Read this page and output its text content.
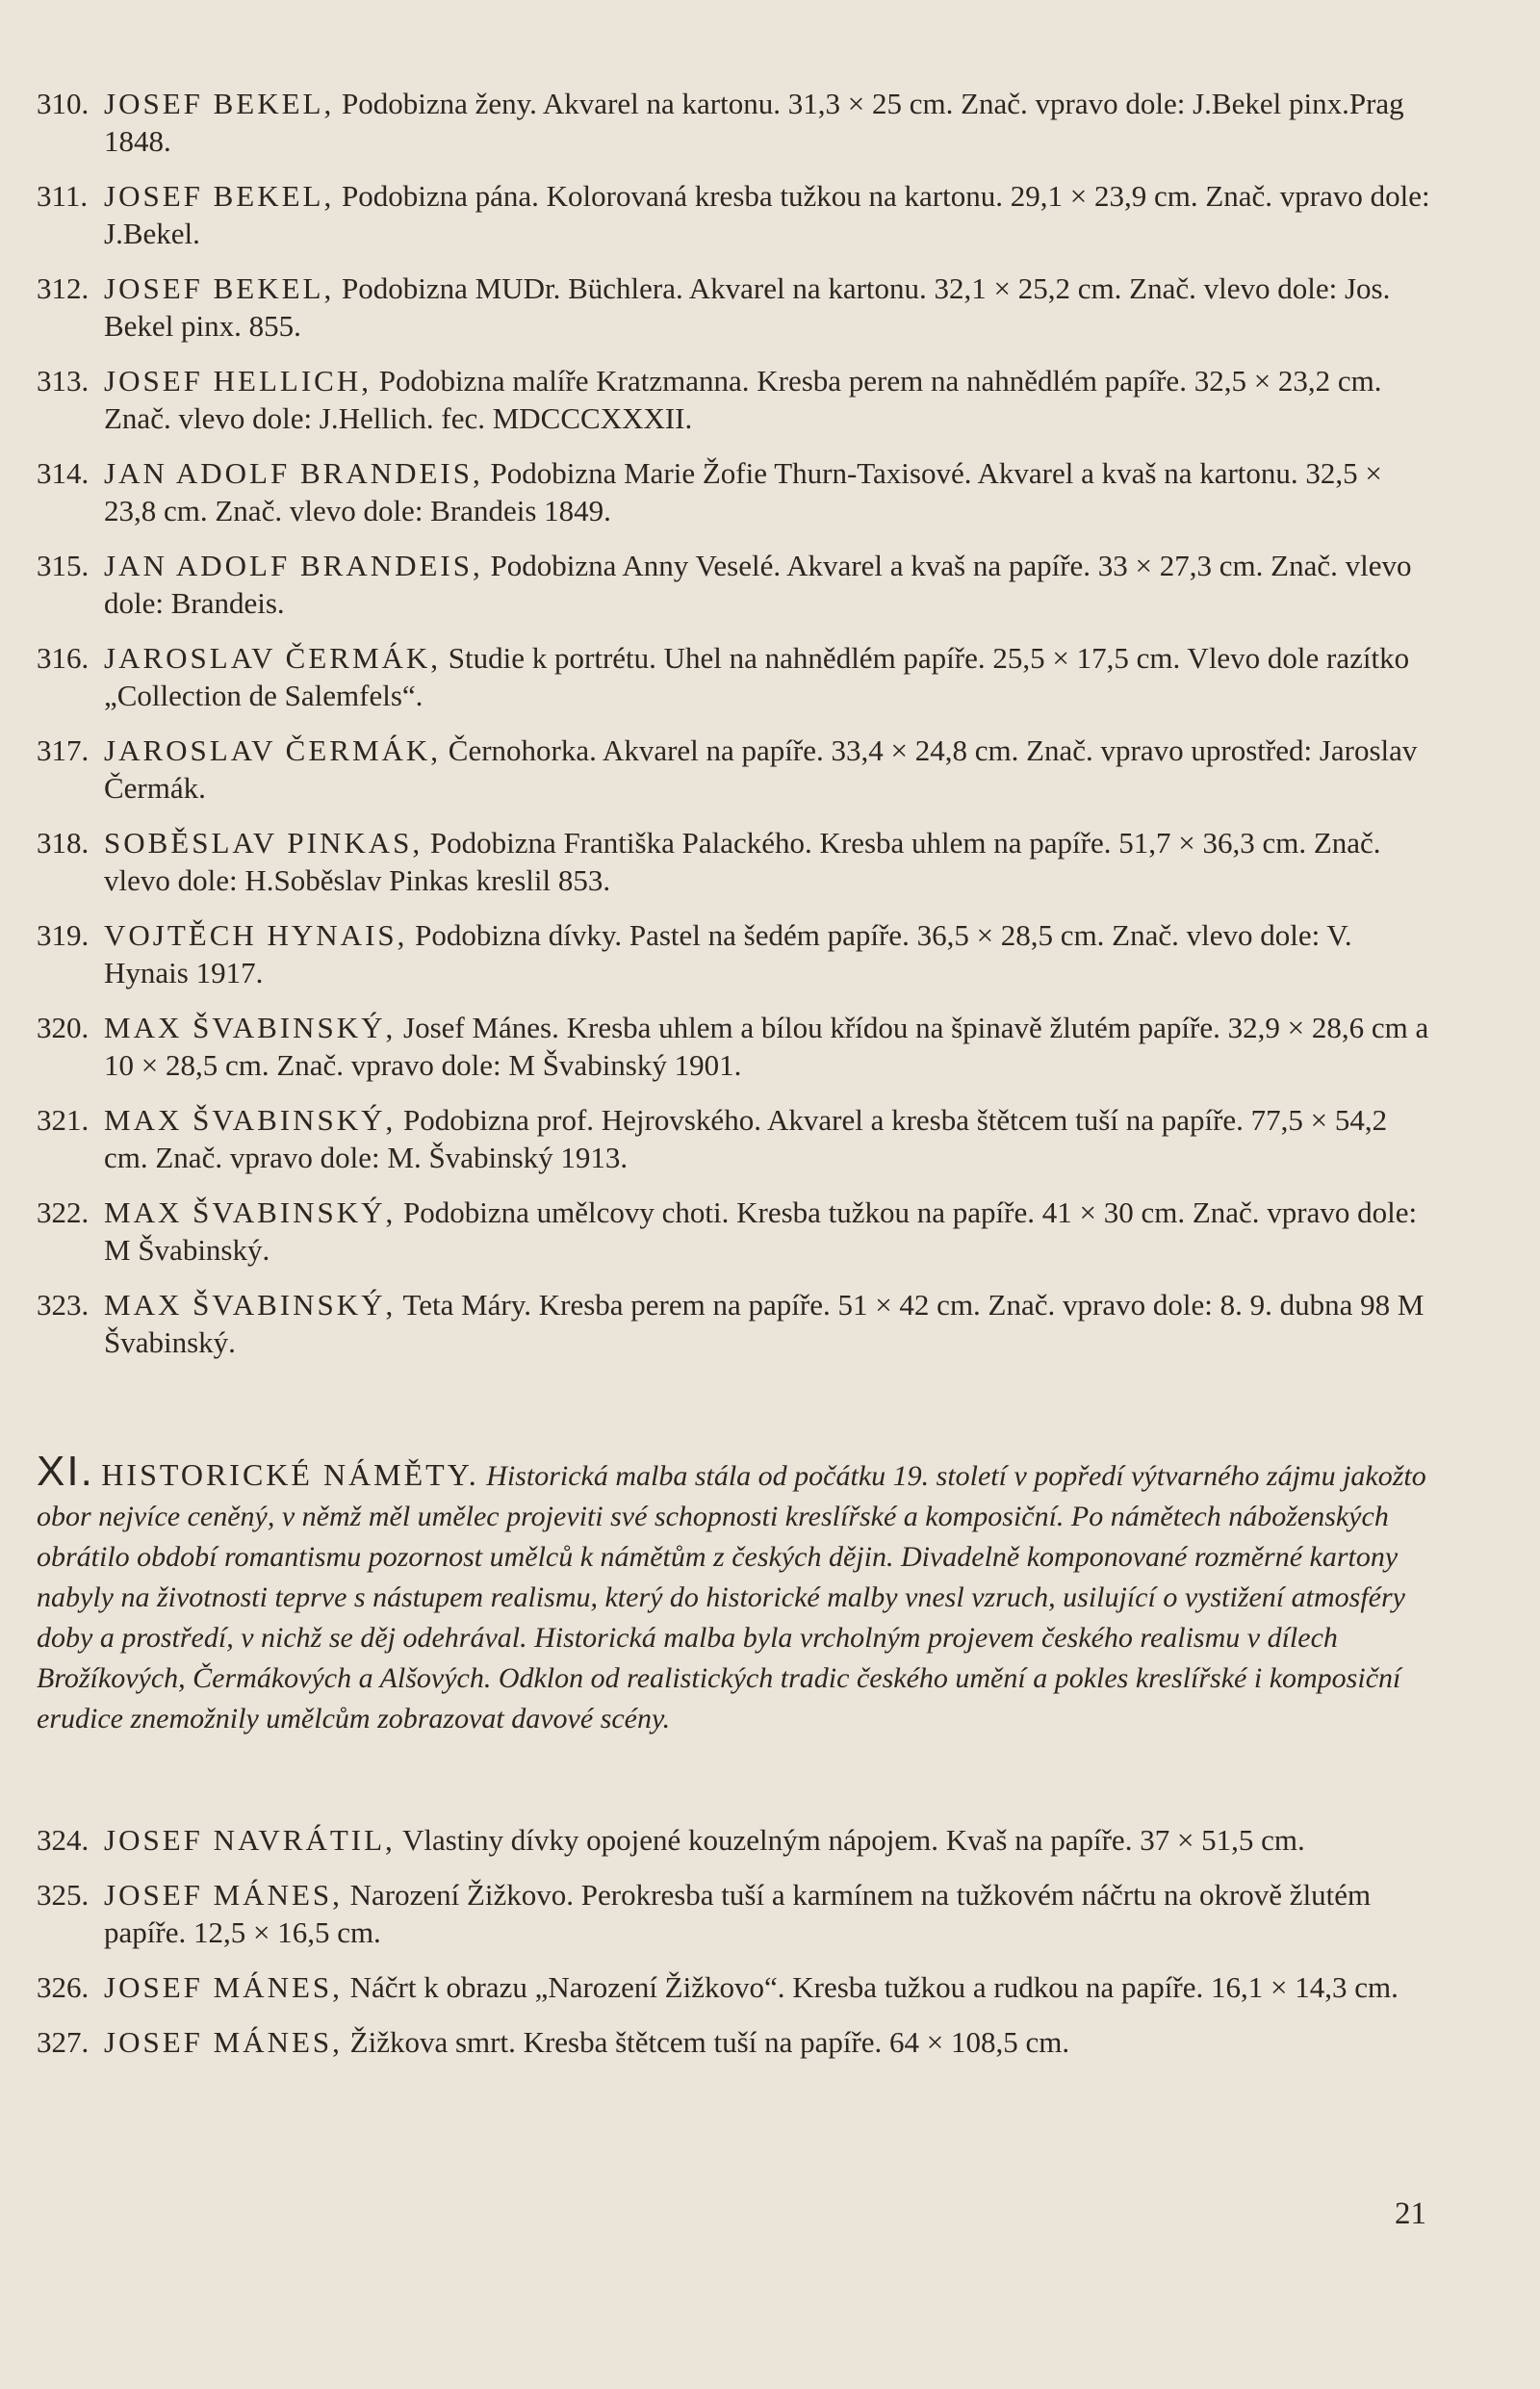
310. JOSEF BEKEL, Podobizna ženy. Akvarel na kartonu. 31,3 × 25 cm. Znač. vpravo dole: J.Bekel pinx.Prag 1848.
311. JOSEF BEKEL, Podobizna pána. Kolorovaná kresba tužkou na kartonu. 29,1 × 23,9 cm. Znač. vpravo dole: J.Bekel.
312. JOSEF BEKEL, Podobizna MUDr. Büchlera. Akvarel na kartonu. 32,1 × 25,2 cm. Znač. vlevo dole: Jos. Bekel pinx. 855.
313. JOSEF HELLICH, Podobizna malíře Kratzmanna. Kresba perem na nahnědlém papíře. 32,5 × 23,2 cm. Znač. vlevo dole: J.Hellich. fec. MDCCCXXXII.
314. JAN ADOLF BRANDEIS, Podobizna Marie Žofie Thurn-Taxisové. Akvarel a kvaš na kartonu. 32,5 × 23,8 cm. Znač. vlevo dole: Brandeis 1849.
315. JAN ADOLF BRANDEIS, Podobizna Anny Veselé. Akvarel a kvaš na papíře. 33 × 27,3 cm. Znač. vlevo dole: Brandeis.
316. JAROSLAV ČERMÁK, Studie k portrétu. Uhel na nahnědlém papíře. 25,5 × 17,5 cm. Vlevo dole razítko „Collection de Salemfels“.
317. JAROSLAV ČERMÁK, Černohorka. Akvarel na papíře. 33,4 × 24,8 cm. Znač. vpravo uprostřed: Jaroslav Čermák.
318. SOBĚSLAV PINKAS, Podobizna Františka Palackého. Kresba uhlem na papíře. 51,7 × 36,3 cm. Znač. vlevo dole: H.Soběslav Pinkas kreslil 853.
319. VOJTĚCH HYNAIS, Podobizna dívky. Pastel na šedém papíře. 36,5 × 28,5 cm. Znač. vlevo dole: V. Hynais 1917.
320. MAX ŠVABINSKÝ, Josef Mánes. Kresba uhlem a bílou křídou na špinavě žlutém papíře. 32,9 × 28,6 cm a 10 × 28,5 cm. Znač. vpravo dole: M Švabinský 1901.
321. MAX ŠVABINSKÝ, Podobizna prof. Hejrovského. Akvarel a kresba štětcem tuší na papíře. 77,5 × 54,2 cm. Znač. vpravo dole: M. Švabinský 1913.
322. MAX ŠVABINSKÝ, Podobizna umělcovy choti. Kresba tužkou na papíře. 41 × 30 cm. Znač. vpravo dole: M Švabinský.
323. MAX ŠVABINSKÝ, Teta Máry. Kresba perem na papíře. 51 × 42 cm. Znač. vpravo dole: 8. 9. dubna 98 M Švabinský.
XI. HISTORICKÉ NÁMĚTY. Historická malba stála od počátku 19. století v popředí výtvarného zájmu jakožto obor nejvíce ceněný, v němž měl umělec projeviti své schopnosti kreslířské a komposiční. Po námětech náboženských obrátilo období romantismu pozornost umělců k námětům z českých dějin. Divadelně komponované rozměrné kartony nabyly na životnosti teprve s nástupem realismu, který do historické malby vnesl vzruch, usilující o vystižení atmosféry doby a prostředí, v nichž se děj odehrával. Historická malba byla vrcholným projevem českého realismu v dílech Brožíkových, Čermákových a Alšových. Odklon od realistických tradic českého umění a pokles kreslířské i komposiční erudice znemožnily umělcům zobrazovat davové scény.
324. JOSEF NAVRÁTIL, Vlastiny dívky opojené kouzelným nápojem. Kvaš na papíře. 37 × 51,5 cm.
325. JOSEF MÁNES, Narození Žižkovo. Perokresba tuší a karmínem na tužkovém náčrtu na okrově žlutém papíře. 12,5 × 16,5 cm.
326. JOSEF MÁNES, Náčrt k obrazu „Narození Žižkovo“. Kresba tužkou a rudkou na papíře. 16,1 × 14,3 cm.
327. JOSEF MÁNES, Žižkova smrt. Kresba štětcem tuší na papíře. 64 × 108,5 cm.
21
